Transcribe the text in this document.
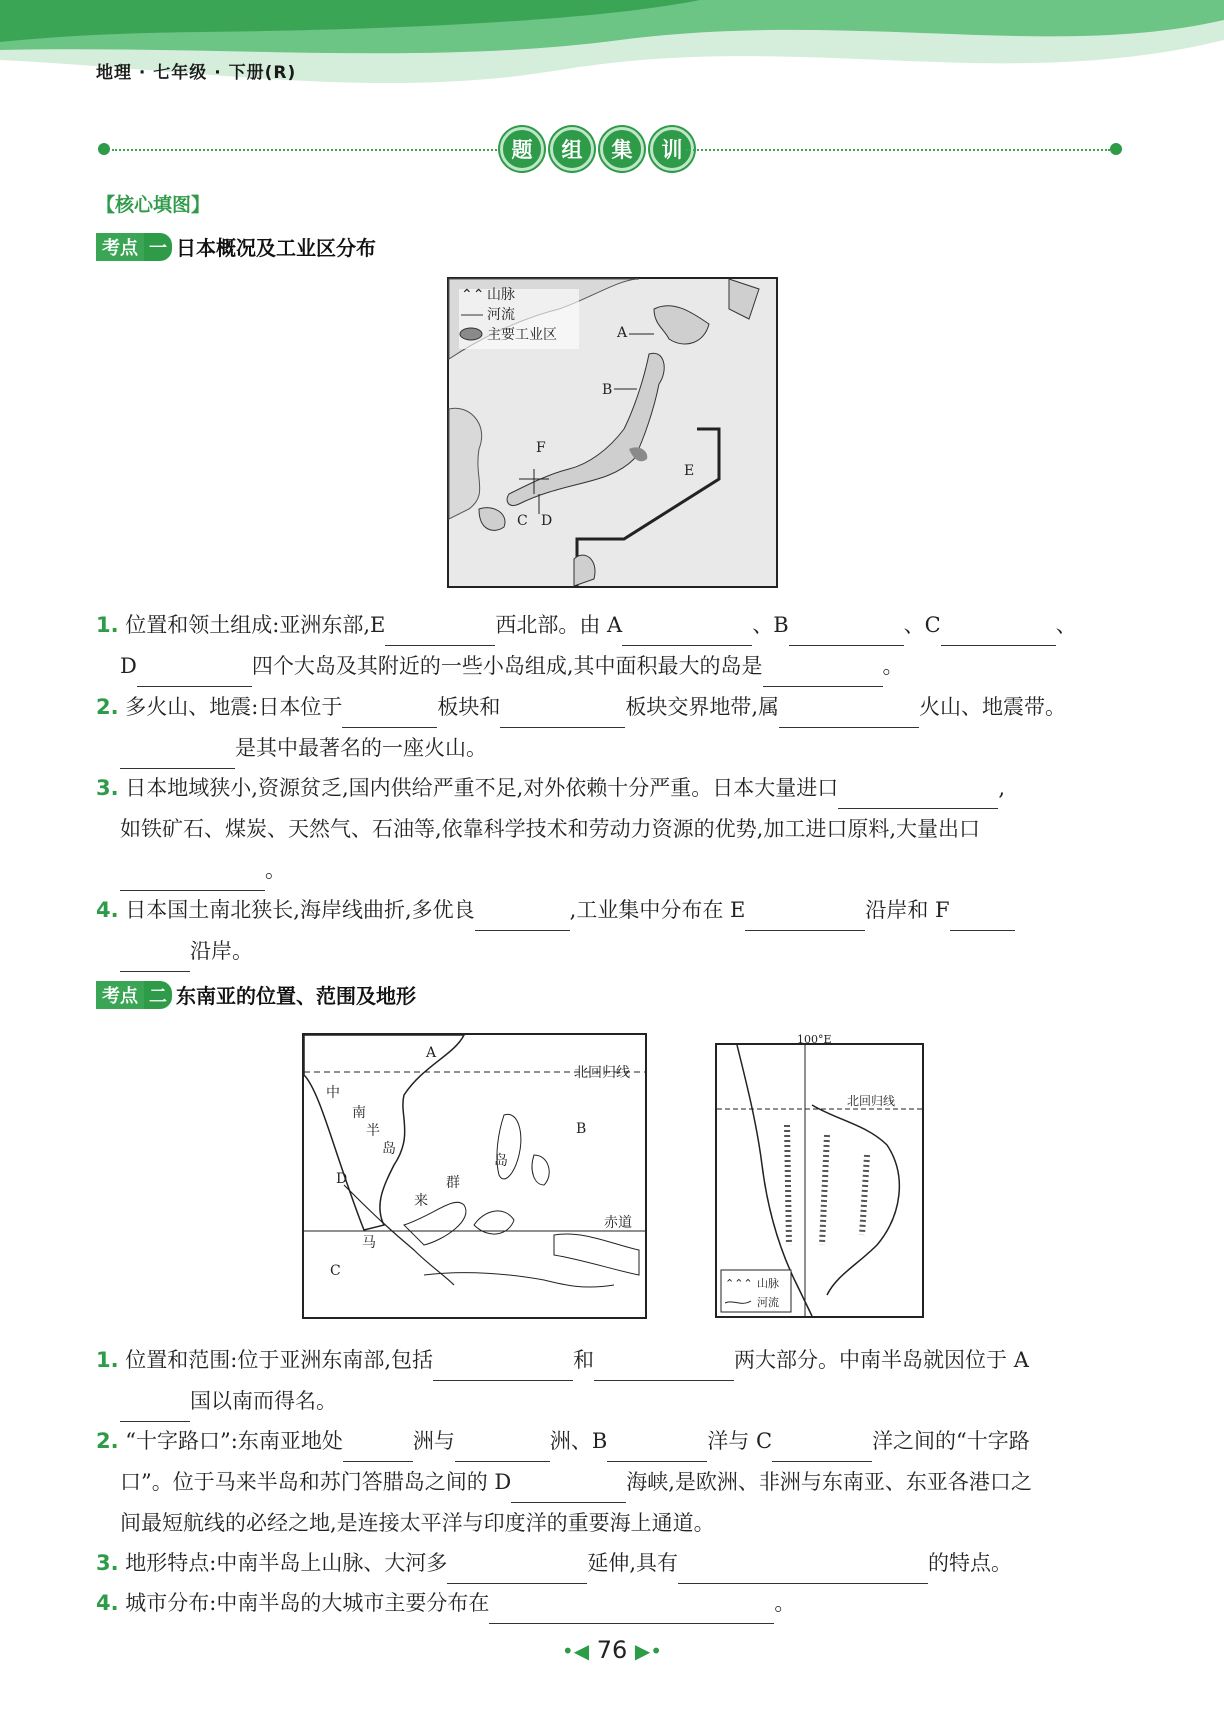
地理 · 七年级 · 下册(R)
题	组	集	训
【核心填图】
考点 一 日本概况及工业区分布
⌃⌃ 山脉
河流
主要工业区	A
B
C D
E
F
1. 位置和领土组成:亚洲东部,E	西北部。由 A	、B	、C	、
D	四个大岛及其附近的一些小岛组成,其中面积最大的岛是	。
2. 多火山、地震:日本位于	板块和	板块交界地带,属	火山、地震带。
是其中最著名的一座火山。
3. 日本地域狭小,资源贫乏,国内供给严重不足,对外依赖十分严重。日本大量进口	,
如铁矿石、煤炭、天然气、石油等,依靠科学技术和劳动力资源的优势,加工进口原料,大量出口
。
4. 日本国土南北狭长,海岸线曲折,多优良	,工业集中分布在 E	沿岸和 F
沿岸。
考点 二 东南亚的位置、范围及地形
北回归线
赤道
A
B
C
D
中
南
半
岛
马
来
群
岛
100°E
北回归线
⌃⌃⌃ 山脉
河流
1. 位置和范围:位于亚洲东南部,包括	和	两大部分。中南半岛就因位于 A
国以南而得名。
2. “十字路口”:东南亚地处	洲与	洲、B	洋与 C	洋之间的“十字路
口”。位于马来半岛和苏门答腊岛之间的 D	海峡,是欧洲、非洲与东南亚、东亚各港口之
间最短航线的必经之地,是连接太平洋与印度洋的重要海上通道。
3. 地形特点:中南半岛上山脉、大河多	延伸,具有	的特点。
4. 城市分布:中南半岛的大城市主要分布在	。
•◀ 76 ▶•
